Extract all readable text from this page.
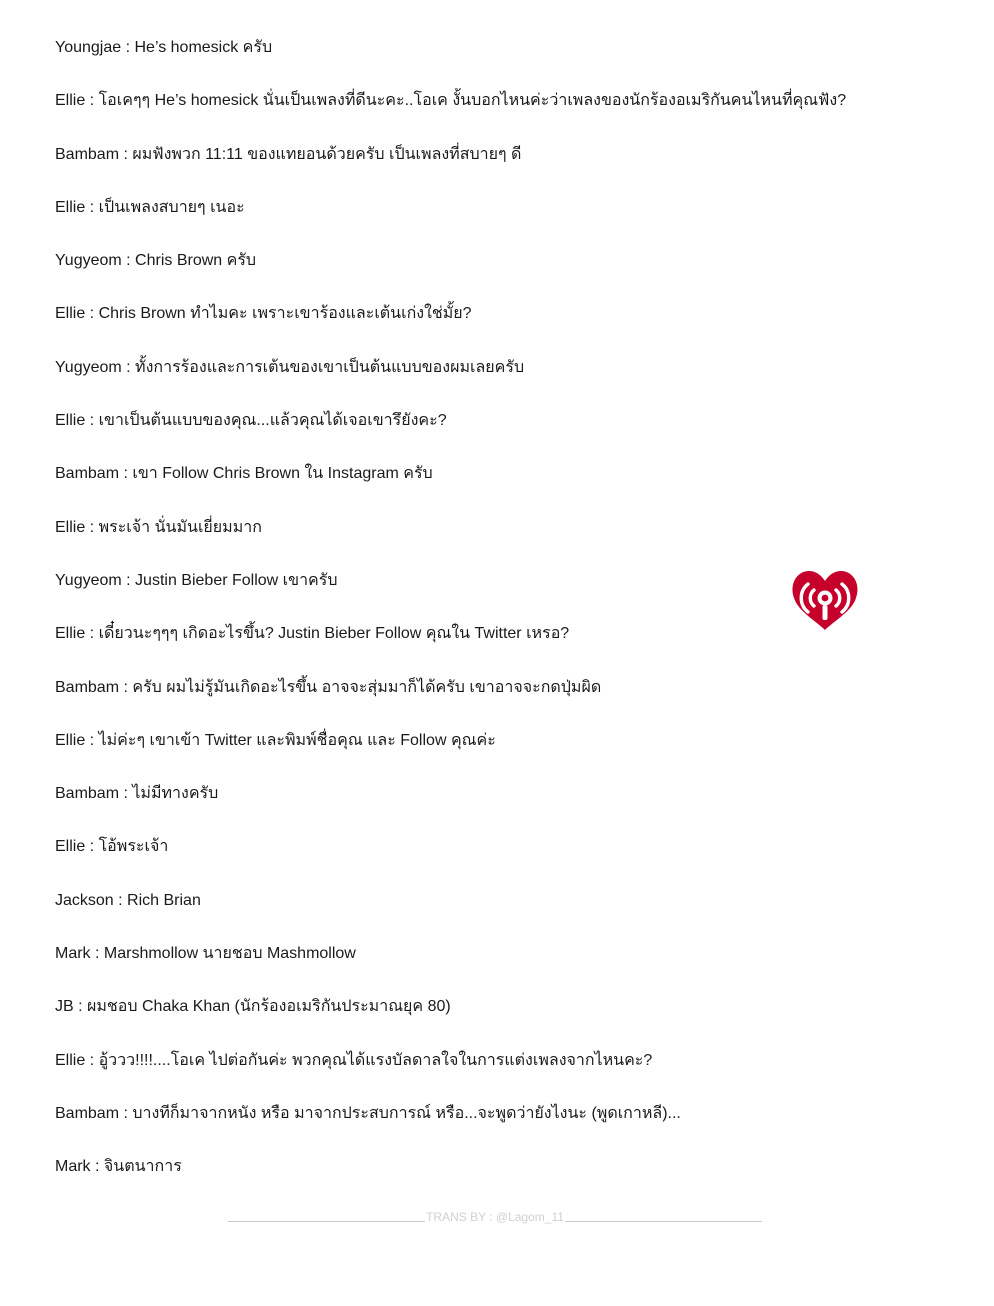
Youngjae : He’s homesick ครับ
Ellie : โอเคๆๆ He’s homesick นั่นเป็นเพลงที่ดีนะคะ..โอเค งั้นบอกไหนค่ะว่าเพลงของนักร้องอเมริกันคนไหนที่คุณฟัง?
Bambam : ผมฟังพวก 11:11 ของแทยอนด้วยครับ เป็นเพลงที่สบายๆ ดี
Ellie : เป็นเพลงสบายๆ เนอะ
Yugyeom : Chris Brown ครับ
Ellie : Chris Brown ทำไมคะ เพราะเขาร้องและเต้นเก่งใช่มั้ย?
Yugyeom : ทั้งการร้องและการเต้นของเขาเป็นต้นแบบของผมเลยครับ
Ellie : เขาเป็นต้นแบบของคุณ...แล้วคุณได้เจอเขารึยังคะ?
Bambam : เขา Follow Chris Brown ใน Instagram ครับ
Ellie : พระเจ้า นั่นมันเยี่ยมมาก
Yugyeom : Justin Bieber Follow เขาครับ
Ellie : เดี๋ยวนะๆๆๆ เกิดอะไรขึ้น? Justin Bieber Follow คุณใน Twitter เหรอ?
Bambam : ครับ ผมไม่รู้มันเกิดอะไรขึ้น อาจจะสุ่มมาก็ได้ครับ เขาอาจจะกดปุ่มผิด
Ellie : ไม่ค่ะๆ เขาเข้า Twitter และพิมพ์ชื่อคุณ และ Follow คุณค่ะ
Bambam : ไม่มีทางครับ
Ellie : โอ้พระเจ้า
Jackson : Rich Brian
Mark : Marshmollow นายชอบ Mashmollow
JB : ผมชอบ Chaka Khan (นักร้องอเมริกันประมาณยุค 80)
Ellie : อู้ววว!!!!....โอเค ไปต่อกันค่ะ พวกคุณได้แรงบัลดาลใจในการแต่งเพลงจากไหนคะ?
Bambam : บางทีก็มาจากหนัง หรือ มาจากประสบการณ์ หรือ...จะพูดว่ายังไงนะ (พูดเกาหลี)...
Mark : จินตนาการ
TRANS BY : @Lagom_11
